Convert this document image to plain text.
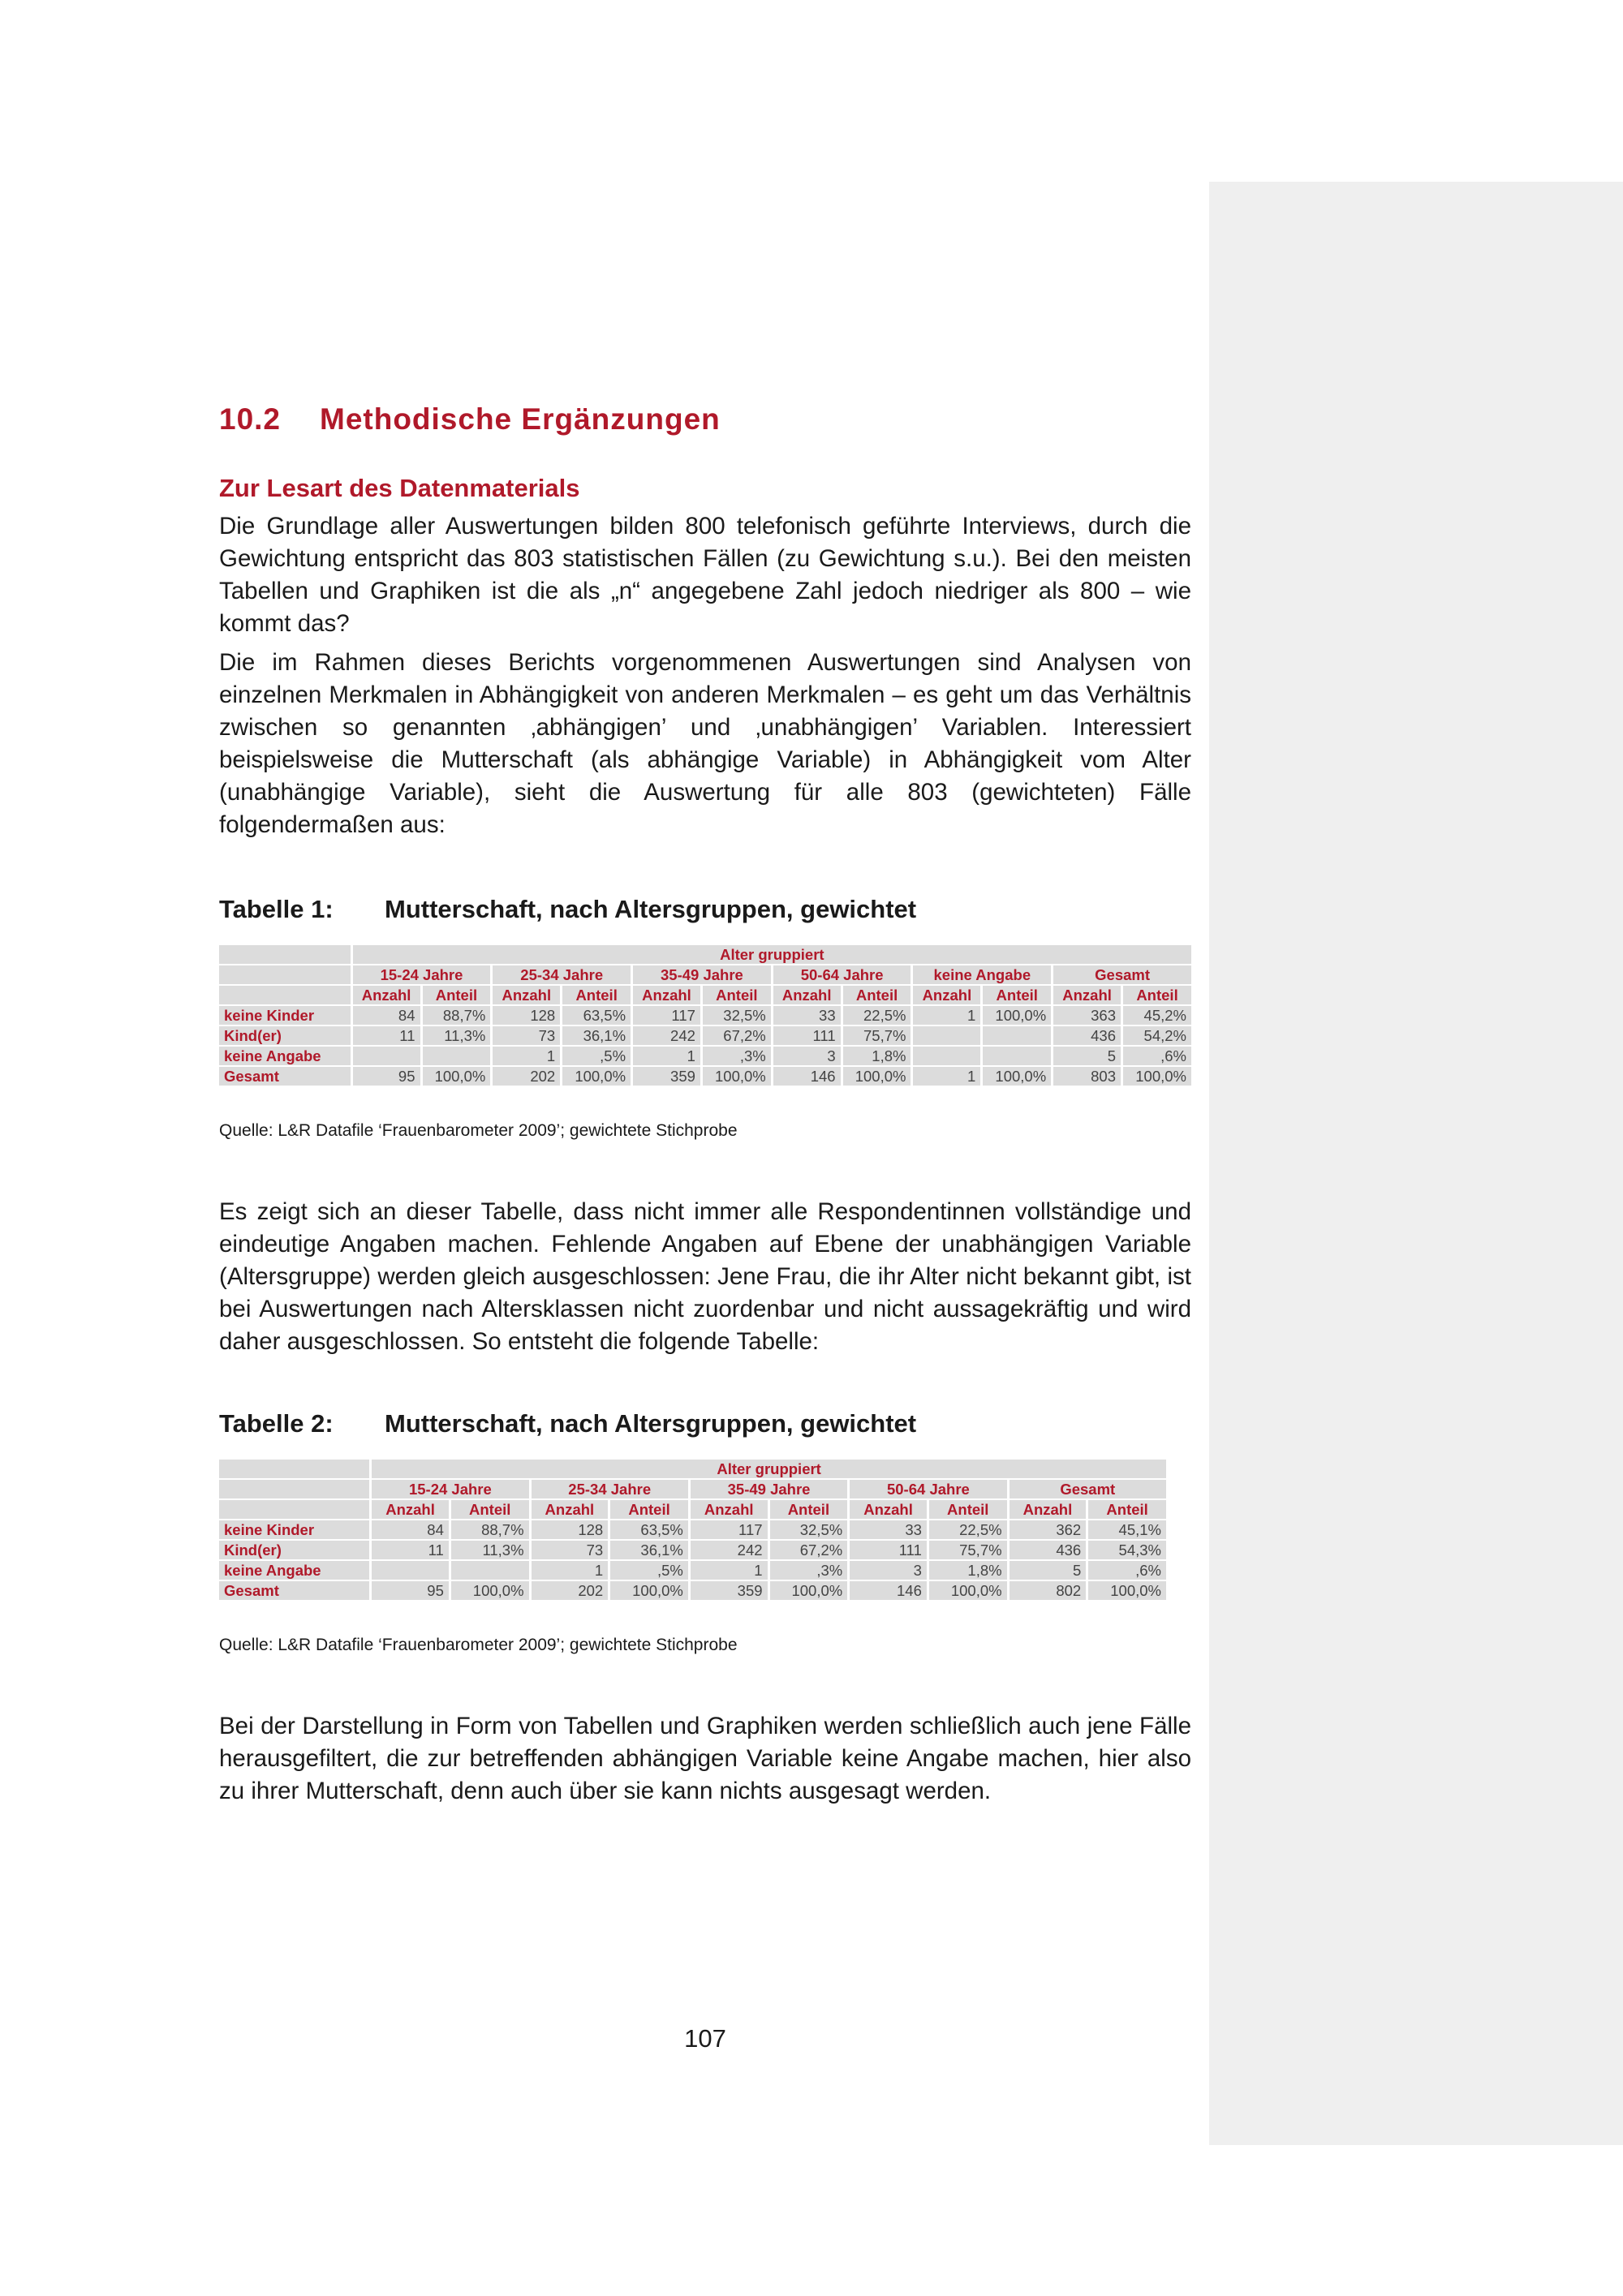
10.2 Methodische Ergänzungen
Zur Lesart des Datenmaterials

Die Grundlage aller Auswertungen bilden 800 telefonisch geführte Interviews, durch die Gewichtung entspricht das 803 statistischen Fällen (zu Gewichtung s.u.). Bei den meisten Tabellen und Graphiken ist die als „n“ angegebene Zahl jedoch niedriger als 800 – wie kommt das?

Die im Rahmen dieses Berichts vorgenommenen Auswertungen sind Analysen von einzelnen Merkmalen in Abhängigkeit von anderen Merkmalen – es geht um das Verhältnis zwischen so genannten ‚abhängigen’ und ‚unabhängigen’ Variablen. Interessiert beispielsweise die Mutterschaft (als abhängige Variable) in Abhängigkeit vom Alter (unabhängige Variable), sieht die Auswertung für alle 803 (gewichteten) Fälle folgendermaßen aus:

Tabelle 1: Mutterschaft, nach Altersgruppen, gewichtet
	Alter gruppiert											
	15-24 Jahre		25-34 Jahre		35-49 Jahre		50-64 Jahre		keine Angabe		Gesamt	
	Anzahl	Anteil	Anzahl	Anteil	Anzahl	Anteil	Anzahl	Anteil	Anzahl	Anteil	Anzahl	Anteil
keine Kinder	84	88,7%	128	63,5%	117	32,5%	33	22,5%	1	100,0%	363	45,2%
Kind(er)	11	11,3%	73	36,1%	242	67,2%	111	75,7%			436	54,2%
keine Angabe			1	,5%	1	,3%	3	1,8%			5	,6%
Gesamt	95	100,0%	202	100,0%	359	100,0%	146	100,0%	1	100,0%	803	100,0%
Quelle: L&R Datafile ‘Frauenbarometer 2009’; gewichtete Stichprobe

Es zeigt sich an dieser Tabelle, dass nicht immer alle Respondentinnen vollständige und eindeutige Angaben machen. Fehlende Angaben auf Ebene der unabhängigen Variable (Altersgruppe) werden gleich ausgeschlossen: Jene Frau, die ihr Alter nicht bekannt gibt, ist bei Auswertungen nach Altersklassen nicht zuordenbar und nicht aussagekräftig und wird daher ausgeschlossen. So entsteht die folgende Tabelle:

Tabelle 2: Mutterschaft, nach Altersgruppen, gewichtet
	Alter gruppiert									
	15-24 Jahre		25-34 Jahre		35-49 Jahre		50-64 Jahre		Gesamt	
	Anzahl	Anteil	Anzahl	Anteil	Anzahl	Anteil	Anzahl	Anteil	Anzahl	Anteil
keine Kinder	84	88,7%	128	63,5%	117	32,5%	33	22,5%	362	45,1%
Kind(er)	11	11,3%	73	36,1%	242	67,2%	111	75,7%	436	54,3%
keine Angabe			1	,5%	1	,3%	3	1,8%	5	,6%
Gesamt	95	100,0%	202	100,0%	359	100,0%	146	100,0%	802	100,0%
Quelle: L&R Datafile ‘Frauenbarometer 2009’; gewichtete Stichprobe

Bei der Darstellung in Form von Tabellen und Graphiken werden schließlich auch jene Fälle herausgefiltert, die zur betreffenden abhängigen Variable keine Angabe machen, hier also zu ihrer Mutterschaft, denn auch über sie kann nichts ausgesagt werden.

107
